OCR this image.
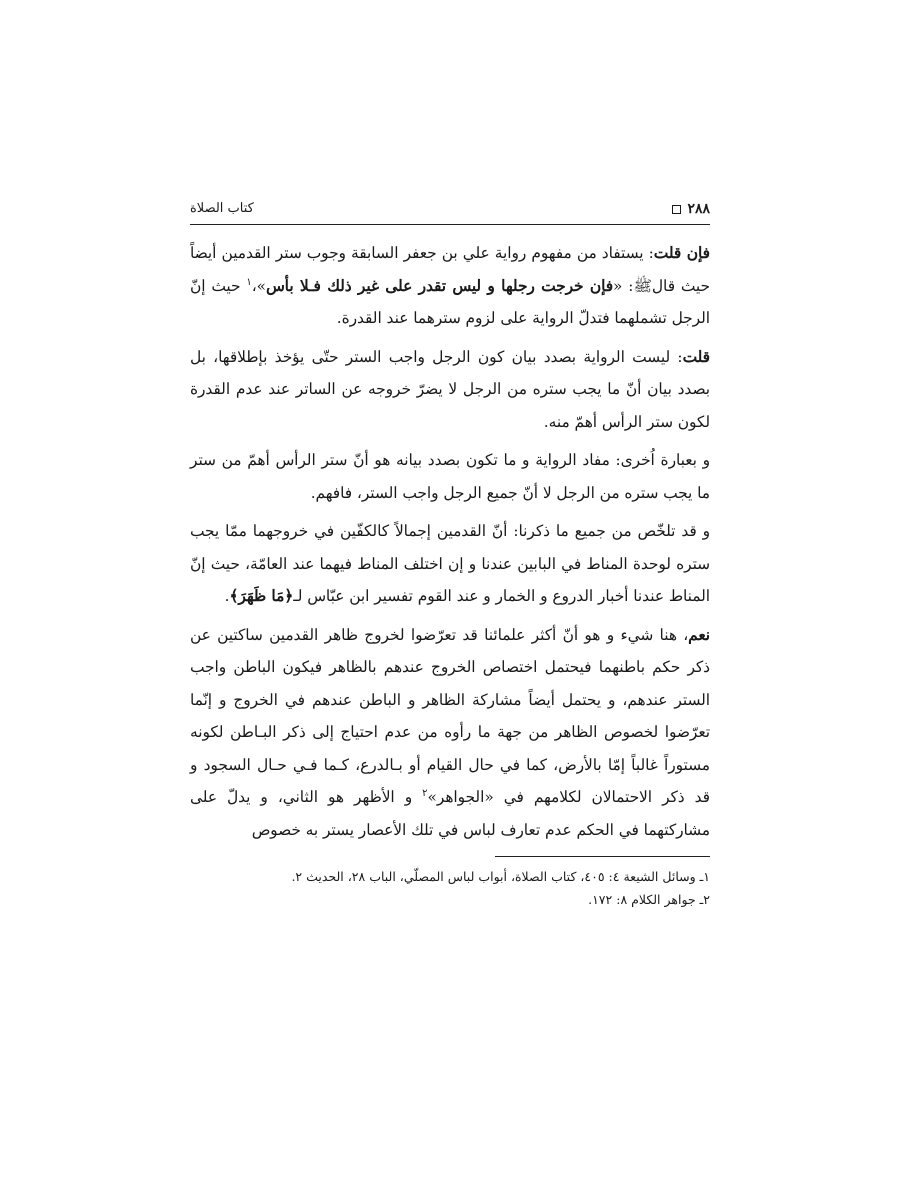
٢٨٨
كتاب الصلاة

فإن قلت: يستفاد من مفهوم رواية علي بن جعفر السابقة وجوب ستر القدمين أيضاً حيث قالﷺ: «فإن خرجت رجلها و ليس تقدر على غير ذلك فـلا بأس»،$^١$ حيث إنّ الرجل تشملهما فتدلّ الرواية على لزوم سترهما عند القدرة.

قلت: ليست الرواية بصدد بيان كون الرجل واجب الستر حتّى يؤخذ بإطلاقها، بل بصدد بيان أنّ ما يجب ستره من الرجل لا يضرّ خروجه عن الساتر عند عدم القدرة لكون ستر الرأس أهمّ منه.

و بعبارة اُخرى: مفاد الرواية و ما تكون بصدد بيانه هو أنّ ستر الرأس أهمّ من ستر ما يجب ستره من الرجل لا أنّ جميع الرجل واجب الستر، فافهم.

و قد تلخّص من جميع ما ذكرنا: أنّ القدمين إجمالاً كالكفّين في خروجهما ممّا يجب ستره لوحدة المناط في البابين عندنا و إن اختلف المناط فيهما عند العامّة، حيث إنّ المناط عندنا أخبار الدروع و الخمار و عند القوم تفسير ابن عبّاس لـ﴿مَا ظَهَرَ﴾.

نعم، هنا شيء و هو أنّ أكثر علمائنا قد تعرّضوا لخروج ظاهر القدمين ساكتين عن ذكر حكم باطنهما فيحتمل اختصاص الخروج عندهم بالظاهر فيكون الباطن واجب الستر عندهم، و يحتمل أيضاً مشاركة الظاهر و الباطن عندهم في الخروج و إنّما تعرّضوا لخصوص الظاهر من جهة ما رأوه من عدم احتياج إلى ذكر البـاطن لكونه مستوراً غالباً إمّا بالأرض، كما في حال القيام أو بـالدرع، كـما فـي حـال السجود و قد ذكر الاحتمالان لكلامهم في «الجواهر»$^٢$ و الأظهر هو الثاني، و يدلّ على مشاركتهما في الحكم عدم تعارف لباس في تلك الأعصار يستر به خصوص

١ـ وسائل الشيعة ٤: ٤٠٥، كتاب الصلاة، أبواب لباس المصلّي، الباب ٢٨، الحديث ٢.

٢ـ جواهر الكلام ٨: ١٧٢.
